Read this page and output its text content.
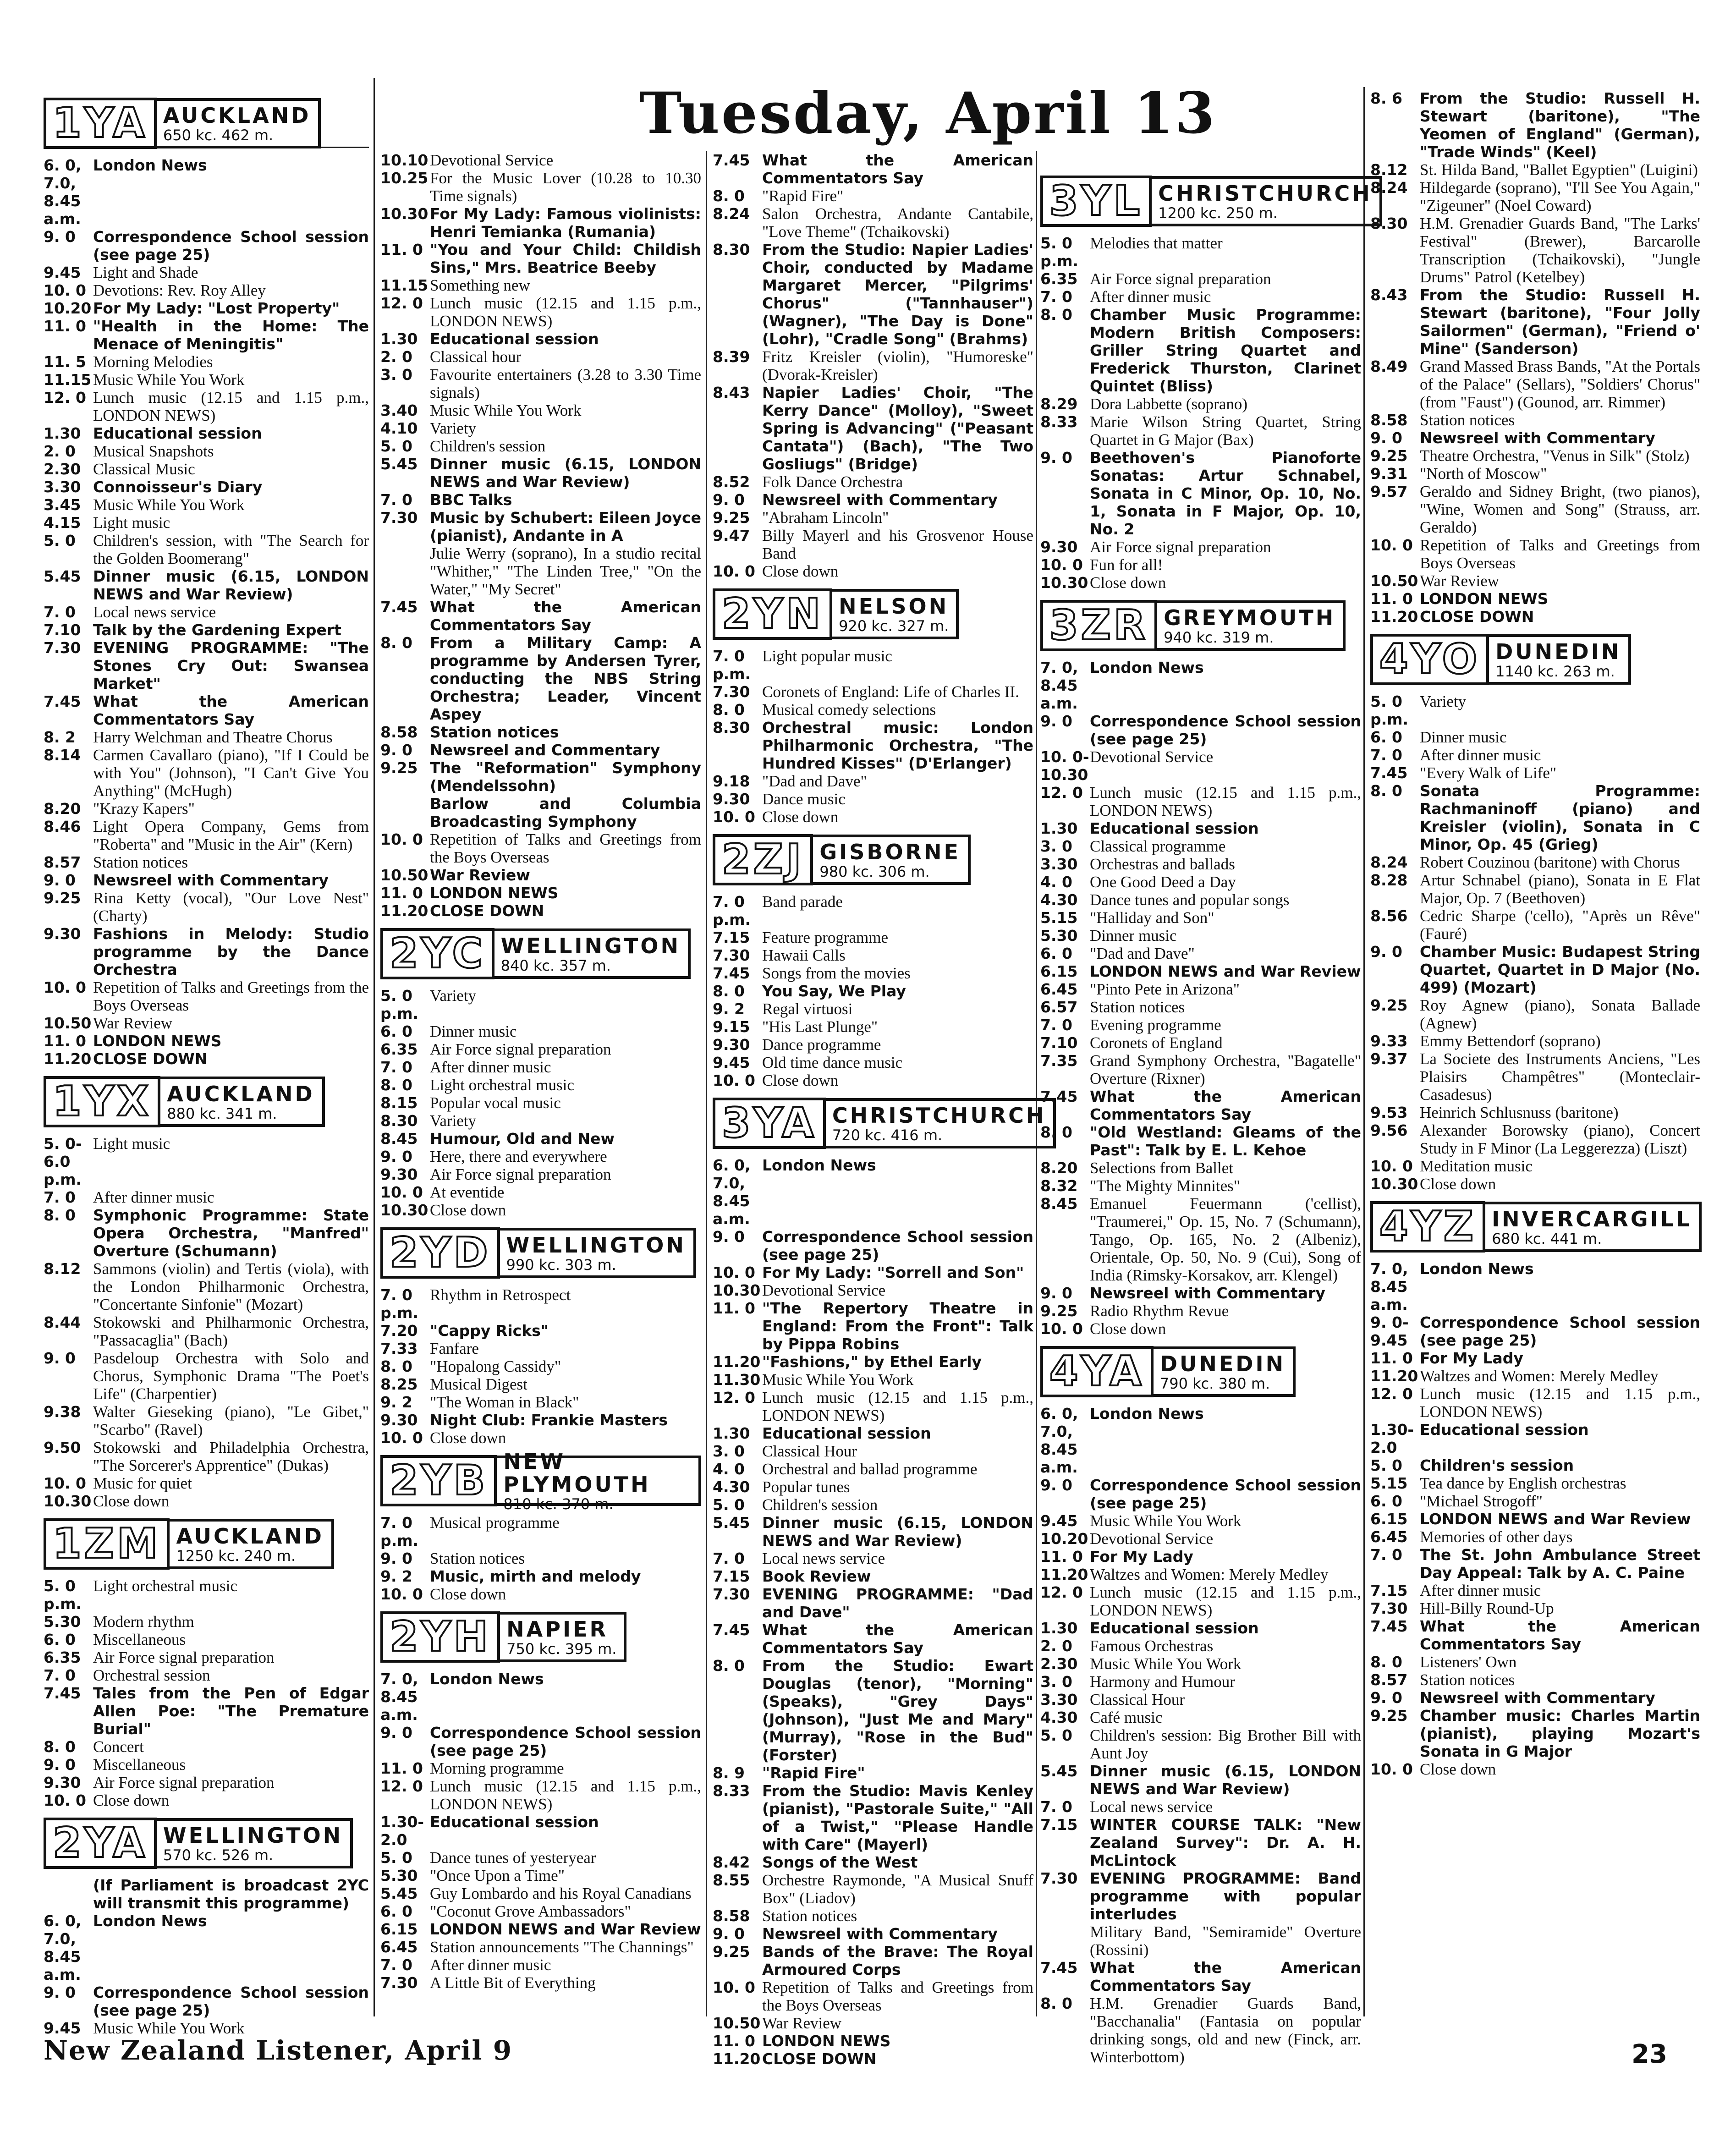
Tuesday, April 13
1YA AUCKLAND
650 kc. 462 m.
6. 0, 7.0, 8.45 a.m.
London News
9. 0	Correspondence School session (see page 25)
9.45 Light and Shade
10. 0 Devotions: Rev. Roy Alley
10.20 For My Lady: "Lost Property"
11. 0 "Health in the Home: The Menace of Meningitis"
11. 5 Morning Melodies
11.15 Music While You Work
12. 0 Lunch music (12.15 and 1.15 p.m., LONDON NEWS)
1.30 Educational session
2. 0	Musical Snapshots
2.30 Classical Music
3.30 Connoisseur's Diary
3.45 Music While You Work
4.15 Light music
5. 0	Children's session, with "The Search for the Golden Boomerang"
5.45 Dinner music (6.15, LONDON NEWS and War Review)
7. 0	Local news service
7.10 Talk by the Gardening Expert
7.30 EVENING PROGRAMME: "The Stones Cry Out: Swansea Market"
7.45 What the American Commentators Say
8. 2	Harry Welchman and Theatre Chorus
8.14 Carmen Cavallaro (piano), "If I Could be with You" (Johnson), "I Can't Give You Anything" (McHugh)
8.20 "Krazy Kapers"
8.46 Light Opera Company, Gems from "Roberta" and "Music in the Air" (Kern)
8.57 Station notices
9. 0	Newsreel with Commentary
9.25 Rina Ketty (vocal), "Our Love Nest" (Charty)
9.30 Fashions in Melody: Studio programme by the Dance Orchestra
10. 0 Repetition of Talks and Greetings from the Boys Overseas
10.50 War Review
11. 0 LONDON NEWS
11.20 CLOSE DOWN
1YX AUCKLAND
880 kc. 341 m.
5. 0-6.0 p.m.
Light music
7. 0	After dinner music
8. 0	Symphonic Programme: State Opera Orchestra, "Manfred" Overture (Schumann)
8.12 Sammons (violin) and Tertis (viola), with the London Philharmonic Orchestra, "Concertante Sinfonie" (Mozart)
8.44 Stokowski and Philharmonic Orchestra, "Passacaglia" (Bach)
9. 0	Pasdeloup Orchestra with Solo and Chorus, Symphonic Drama "The Poet's Life" (Charpentier)
9.38 Walter Gieseking (piano), "Le Gibet," "Scarbo" (Ravel)
9.50 Stokowski and Philadelphia Orchestra, "The Sorcerer's Apprentice" (Dukas)
10. 0 Music for quiet
10.30 Close down
1ZM AUCKLAND
1250 kc. 240 m.
5. 0 p.m.
Light orchestral music
5.30 Modern rhythm
6. 0	Miscellaneous
6.35 Air Force signal preparation
7. 0	Orchestral session
7.45 Tales from the Pen of Edgar Allen Poe: "The Premature Burial"
8. 0	Concert
9. 0	Miscellaneous
9.30 Air Force signal preparation
10. 0 Close down
2YA WELLINGTON
570 kc. 526 m.
(If Parliament is broadcast 2YC will transmit this programme)
6. 0, 7.0, 8.45 a.m.
London News
9. 0	Correspondence School session (see page 25)
9.45 Music While You Work
10.10 Devotional Service
10.25 For the Music Lover (10.28 to 10.30 Time signals)
10.30 For My Lady: Famous violinists: Henri Temianka (Rumania)
11. 0 "You and Your Child: Childish Sins," Mrs. Beatrice Beeby
11.15 Something new
12. 0 Lunch music (12.15 and 1.15 p.m., LONDON NEWS)
1.30 Educational session
2. 0	Classical hour
3. 0	Favourite entertainers (3.28 to 3.30 Time signals)
3.40 Music While You Work
4.10 Variety
5. 0	Children's session
5.45 Dinner music (6.15, LONDON NEWS and War Review)
7. 0	BBC Talks
7.30 Music by Schubert: Eileen Joyce (pianist), Andante in A
Julie Werry (soprano), In a studio recital "Whither," "The Linden Tree," "On the Water," "My Secret"
7.45 What the American Commentators Say
8. 0	From a Military Camp: A programme by Andersen Tyrer, conducting the NBS String Orchestra; Leader, Vincent Aspey
8.58 Station notices
9. 0	Newsreel and Commentary
9.25 The "Reformation" Symphony (Mendelssohn)
Barlow and Columbia Broadcasting Symphony
10. 0 Repetition of Talks and Greetings from the Boys Overseas
10.50 War Review
11. 0 LONDON NEWS
11.20 CLOSE DOWN
2YC WELLINGTON
840 kc. 357 m.
5. 0 p.m.
Variety
6. 0	Dinner music
6.35 Air Force signal preparation
7. 0	After dinner music
8. 0	Light orchestral music
8.15 Popular vocal music
8.30 Variety
8.45 Humour, Old and New
9. 0	Here, there and everywhere
9.30 Air Force signal preparation
10. 0 At eventide
10.30 Close down
2YD WELLINGTON
990 kc. 303 m.
7. 0 p.m.
Rhythm in Retrospect
7.20 "Cappy Ricks"
7.33 Fanfare
8. 0	"Hopalong Cassidy"
8.25 Musical Digest
9. 2	"The Woman in Black"
9.30 Night Club: Frankie Masters
10. 0 Close down
2YB NEW PLYMOUTH
810 kc. 370 m.
7. 0 p.m.
Musical programme
9. 0	Station notices
9. 2	Music, mirth and melody
10. 0 Close down
2YH NAPIER
750 kc. 395 m.
7. 0, 8.45 a.m.
London News
9. 0	Correspondence School session (see page 25)
11. 0 Morning programme
12. 0 Lunch music (12.15 and 1.15 p.m., LONDON NEWS)
1.30-2.0
Educational session
5. 0	Dance tunes of yesteryear
5.30 "Once Upon a Time"
5.45 Guy Lombardo and his Royal Canadians
6. 0	"Coconut Grove Ambassadors"
6.15 LONDON NEWS and War Review
6.45 Station announcements "The Channings"
7. 0	After dinner music
7.30 A Little Bit of Everything
7.45 What the American Commentators Say
8. 0	"Rapid Fire"
8.24 Salon Orchestra, Andante Cantabile, "Love Theme" (Tchaikovski)
8.30 From the Studio: Napier Ladies' Choir, conducted by Madame Margaret Mercer, "Pilgrims' Chorus" ("Tannhauser") (Wagner), "The Day is Done" (Lohr), "Cradle Song" (Brahms)
8.39 Fritz Kreisler (violin), "Humoreske" (Dvorak-Kreisler)
8.43 Napier Ladies' Choir, "The Kerry Dance" (Molloy), "Sweet Spring is Advancing" ("Peasant Cantata") (Bach), "The Two Gosliugs" (Bridge)
8.52 Folk Dance Orchestra
9. 0	Newsreel with Commentary
9.25 "Abraham Lincoln"
9.47 Billy Mayerl and his Grosvenor House Band
10. 0 Close down
2YN NELSON
920 kc. 327 m.
7. 0 p.m.
Light popular music
7.30 Coronets of England: Life of Charles II.
8. 0	Musical comedy selections
8.30 Orchestral music: London Philharmonic Orchestra, "The Hundred Kisses" (D'Erlanger)
9.18 "Dad and Dave"
9.30 Dance music
10. 0 Close down
2ZJ GISBORNE
980 kc. 306 m.
7. 0 p.m.
Band parade
7.15 Feature programme
7.30 Hawaii Calls
7.45 Songs from the movies
8. 0	You Say, We Play
9. 2	Regal virtuosi
9.15 "His Last Plunge"
9.30 Dance programme
9.45 Old time dance music
10. 0 Close down
3YA CHRISTCHURCH
720 kc. 416 m.
6. 0, 7.0, 8.45 a.m.
London News
9. 0	Correspondence School session (see page 25)
10. 0 For My Lady: "Sorrell and Son"
10.30 Devotional Service
11. 0 "The Repertory Theatre in England: From the Front": Talk by Pippa Robins
11.20 "Fashions," by Ethel Early
11.30 Music While You Work
12. 0 Lunch music (12.15 and 1.15 p.m., LONDON NEWS)
1.30 Educational session
3. 0	Classical Hour
4. 0	Orchestral and ballad programme
4.30 Popular tunes
5. 0	Children's session
5.45 Dinner music (6.15, LONDON NEWS and War Review)
7. 0	Local news service
7.15 Book Review
7.30 EVENING PROGRAMME: "Dad and Dave"
7.45 What the American Commentators Say
8. 0	From the Studio: Ewart Douglas (tenor), "Morning" (Speaks), "Grey Days" (Johnson), "Just Me and Mary" (Murray), "Rose in the Bud" (Forster)
8. 9	"Rapid Fire"
8.33 From the Studio: Mavis Kenley (pianist), "Pastorale Suite," "All of a Twist," "Please Handle with Care" (Mayerl)
8.42 Songs of the West
8.55 Orchestre Raymonde, "A Musical Snuff Box" (Liadov)
8.58 Station notices
9. 0	Newsreel with Commentary
9.25 Bands of the Brave: The Royal Armoured Corps
10. 0 Repetition of Talks and Greetings from the Boys Overseas
10.50 War Review
11. 0 LONDON NEWS
11.20 CLOSE DOWN
3YL CHRISTCHURCH
1200 kc. 250 m.
5. 0 p.m.
Melodies that matter
6.35 Air Force signal preparation
7. 0	After dinner music
8. 0	Chamber Music Programme: Modern British Composers: Griller String Quartet and Frederick Thurston, Clarinet Quintet (Bliss)
8.29 Dora Labbette (soprano)
8.33 Marie Wilson String Quartet, String Quartet in G Major (Bax)
9. 0	Beethoven's Pianoforte Sonatas: Artur Schnabel, Sonata in C Minor, Op. 10, No. 1, Sonata in F Major, Op. 10, No. 2
9.30 Air Force signal preparation
10. 0 Fun for all!
10.30 Close down
3ZR GREYMOUTH
940 kc. 319 m.
7. 0, 8.45 a.m.
London News
9. 0	Correspondence School session (see page 25)
10. 0-10.30
Devotional Service
12. 0 Lunch music (12.15 and 1.15 p.m., LONDON NEWS)
1.30 Educational session
3. 0	Classical programme
3.30 Orchestras and ballads
4. 0	One Good Deed a Day
4.30 Dance tunes and popular songs
5.15 "Halliday and Son"
5.30 Dinner music
6. 0	"Dad and Dave"
6.15 LONDON NEWS and War Review
6.45 "Pinto Pete in Arizona"
6.57 Station notices
7. 0	Evening programme
7.10 Coronets of England
7.35 Grand Symphony Orchestra, "Bagatelle" Overture (Rixner)
7.45 What the American Commentators Say
8. 0	"Old Westland: Gleams of the Past": Talk by E. L. Kehoe
8.20 Selections from Ballet
8.32 "The Mighty Minnites"
8.45 Emanuel Feuermann ('cellist), "Traumerei," Op. 15, No. 7 (Schumann), Tango, Op. 165, No. 2 (Albeniz), Orientale, Op. 50, No. 9 (Cui), Song of India (Rimsky-Korsakov, arr. Klengel)
9. 0	Newsreel with Commentary
9.25 Radio Rhythm Revue
10. 0 Close down
4YA DUNEDIN
790 kc. 380 m.
6. 0, 7.0, 8.45 a.m.
London News
9. 0	Correspondence School session (see page 25)
9.45 Music While You Work
10.20 Devotional Service
11. 0 For My Lady
11.20 Waltzes and Women: Merely Medley
12. 0 Lunch music (12.15 and 1.15 p.m., LONDON NEWS)
1.30 Educational session
2. 0	Famous Orchestras
2.30 Music While You Work
3. 0	Harmony and Humour
3.30 Classical Hour
4.30 Café music
5. 0	Children's session: Big Brother Bill with Aunt Joy
5.45 Dinner music (6.15, LONDON NEWS and War Review)
7. 0	Local news service
7.15 WINTER COURSE TALK: "New Zealand Survey": Dr. A. H. McLintock
7.30 EVENING PROGRAMME: Band programme with popular interludes
Military Band, "Semiramide" Overture (Rossini)
7.45 What the American Commentators Say
8. 0	H.M. Grenadier Guards Band, "Bacchanalia" (Fantasia on popular drinking songs, old and new (Finck, arr. Winterbottom)
8. 6	From the Studio: Russell H. Stewart (baritone), "The Yeomen of England" (German), "Trade Winds" (Keel)
8.12 St. Hilda Band, "Ballet Egyptien" (Luigini)
8.24 Hildegarde (soprano), "I'll See You Again," "Zigeuner" (Noel Coward)
8.30 H.M. Grenadier Guards Band, "The Larks' Festival" (Brewer), Barcarolle Transcription (Tchaikovski), "Jungle Drums" Patrol (Ketelbey)
8.43 From the Studio: Russell H. Stewart (baritone), "Four Jolly Sailormen" (German), "Friend o' Mine" (Sanderson)
8.49 Grand Massed Brass Bands, "At the Portals of the Palace" (Sellars), "Soldiers' Chorus" (from "Faust") (Gounod, arr. Rimmer)
8.58 Station notices
9. 0	Newsreel with Commentary
9.25 Theatre Orchestra, "Venus in Silk" (Stolz)
9.31 "North of Moscow"
9.57 Geraldo and Sidney Bright, (two pianos), "Wine, Women and Song" (Strauss, arr. Geraldo)
10. 0 Repetition of Talks and Greetings from Boys Overseas
10.50 War Review
11. 0 LONDON NEWS
11.20 CLOSE DOWN
4YO DUNEDIN
1140 kc. 263 m.
5. 0 p.m.
Variety
6. 0	Dinner music
7. 0	After dinner music
7.45 "Every Walk of Life"
8. 0	Sonata Programme: Rachmaninoff (piano) and Kreisler (violin), Sonata in C Minor, Op. 45 (Grieg)
8.24 Robert Couzinou (baritone) with Chorus
8.28 Artur Schnabel (piano), Sonata in E Flat Major, Op. 7 (Beethoven)
8.56 Cedric Sharpe ('cello), "Après un Rêve" (Fauré)
9. 0	Chamber Music: Budapest String Quartet, Quartet in D Major (No. 499) (Mozart)
9.25 Roy Agnew (piano), Sonata Ballade (Agnew)
9.33 Emmy Bettendorf (soprano)
9.37 La Societe des Instruments Anciens, "Les Plaisirs Champêtres" (Monteclair-Casadesus)
9.53 Heinrich Schlusnuss (baritone)
9.56 Alexander Borowsky (piano), Concert Study in F Minor (La Leggerezza) (Liszt)
10. 0 Meditation music
10.30 Close down
4YZ INVERCARGILL
680 kc. 441 m.
7. 0, 8.45 a.m.
London News
9. 0-9.45
Correspondence School session (see page 25)
11. 0 For My Lady
11.20 Waltzes and Women: Merely Medley
12. 0 Lunch music (12.15 and 1.15 p.m., LONDON NEWS)
1.30-2.0
Educational session
5. 0	Children's session
5.15 Tea dance by English orchestras
6. 0	"Michael Strogoff"
6.15 LONDON NEWS and War Review
6.45 Memories of other days
7. 0	The St. John Ambulance Street Day Appeal: Talk by A. C. Paine
7.15 After dinner music
7.30 Hill-Billy Round-Up
7.45 What the American Commentators Say
8. 0	Listeners' Own
8.57 Station notices
9. 0	Newsreel with Commentary
9.25 Chamber music: Charles Martin (pianist), playing Mozart's Sonata in G Major
10. 0 Close down
New Zealand Listener, April 9	23
